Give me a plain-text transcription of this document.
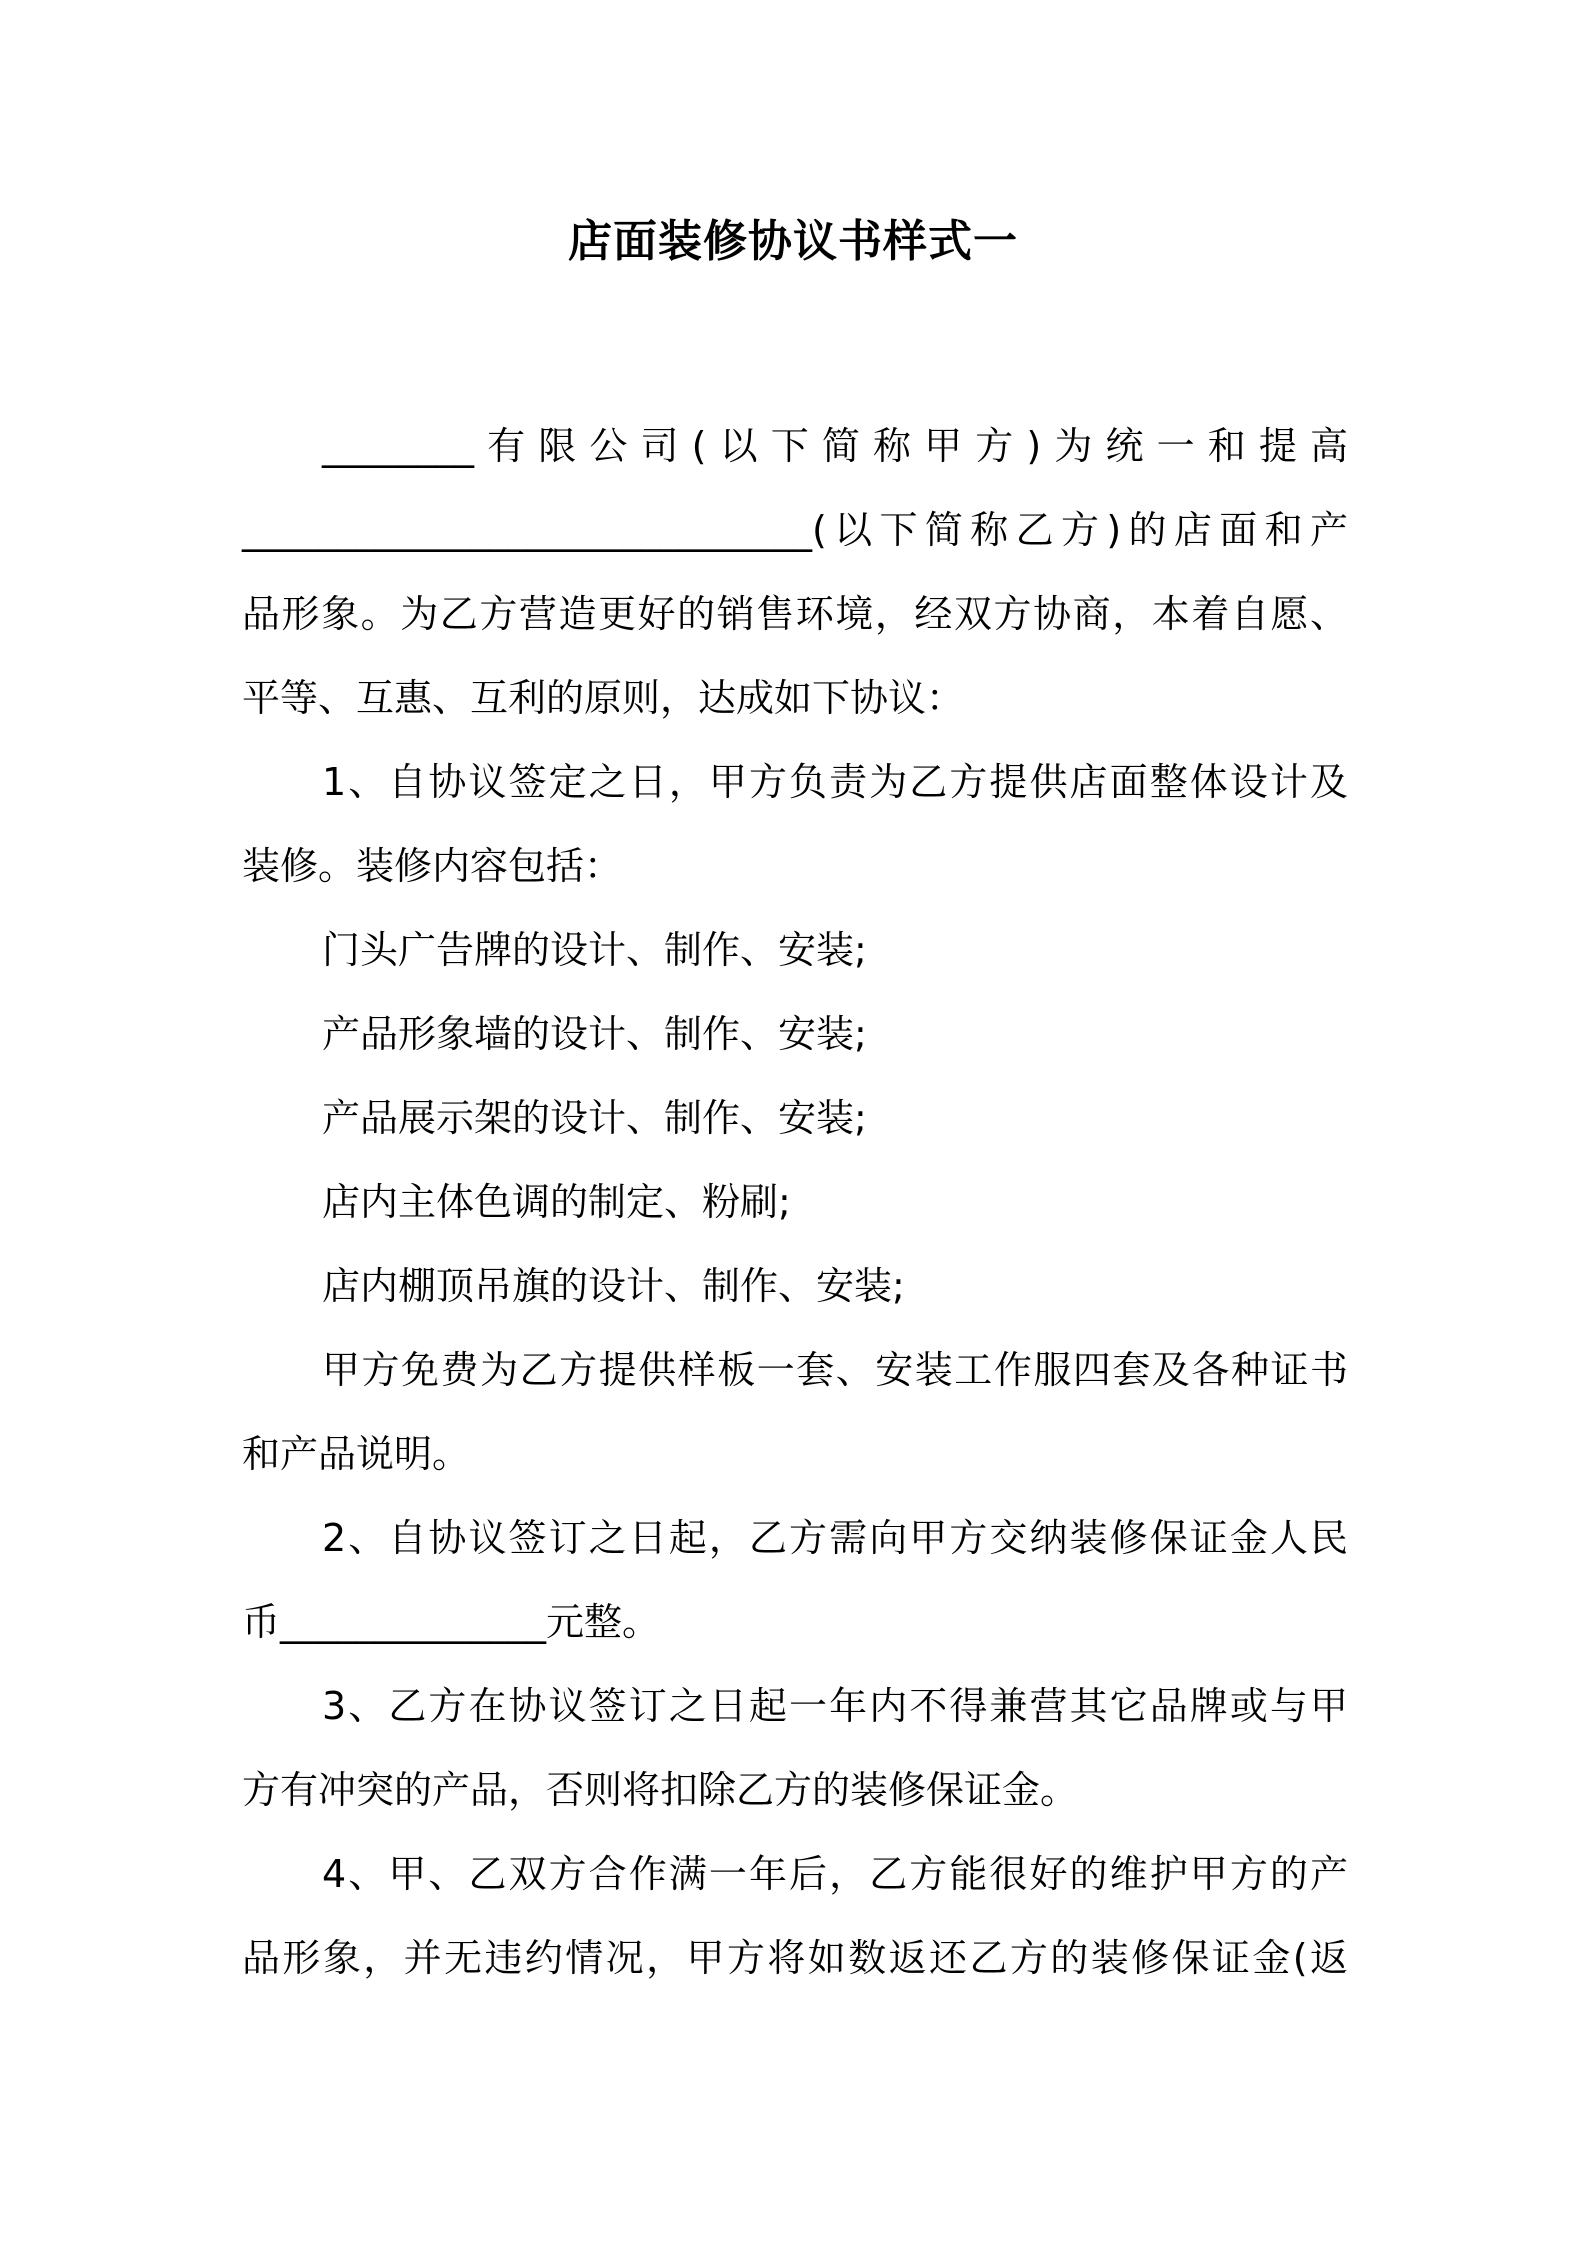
店面装修协议书样式一

________有限公司(以下简称甲方)为统一和提高

______________________________(以下简称乙方)的店面和产

品形象。为乙方营造更好的销售环境，经双方协商，本着自愿、

平等、互惠、互利的原则，达成如下协议：

1、自协议签定之日，甲方负责为乙方提供店面整体设计及

装修。装修内容包括：

门头广告牌的设计、制作、安装;

产品形象墙的设计、制作、安装;

产品展示架的设计、制作、安装;

店内主体色调的制定、粉刷;

店内棚顶吊旗的设计、制作、安装;

甲方免费为乙方提供样板一套、安装工作服四套及各种证书

和产品说明。

2、自协议签订之日起，乙方需向甲方交纳装修保证金人民

币______________元整。

3、乙方在协议签订之日起一年内不得兼营其它品牌或与甲

方有冲突的产品，否则将扣除乙方的装修保证金。

4、甲、乙双方合作满一年后，乙方能很好的维护甲方的产

品形象，并无违约情况，甲方将如数返还乙方的装修保证金(返
